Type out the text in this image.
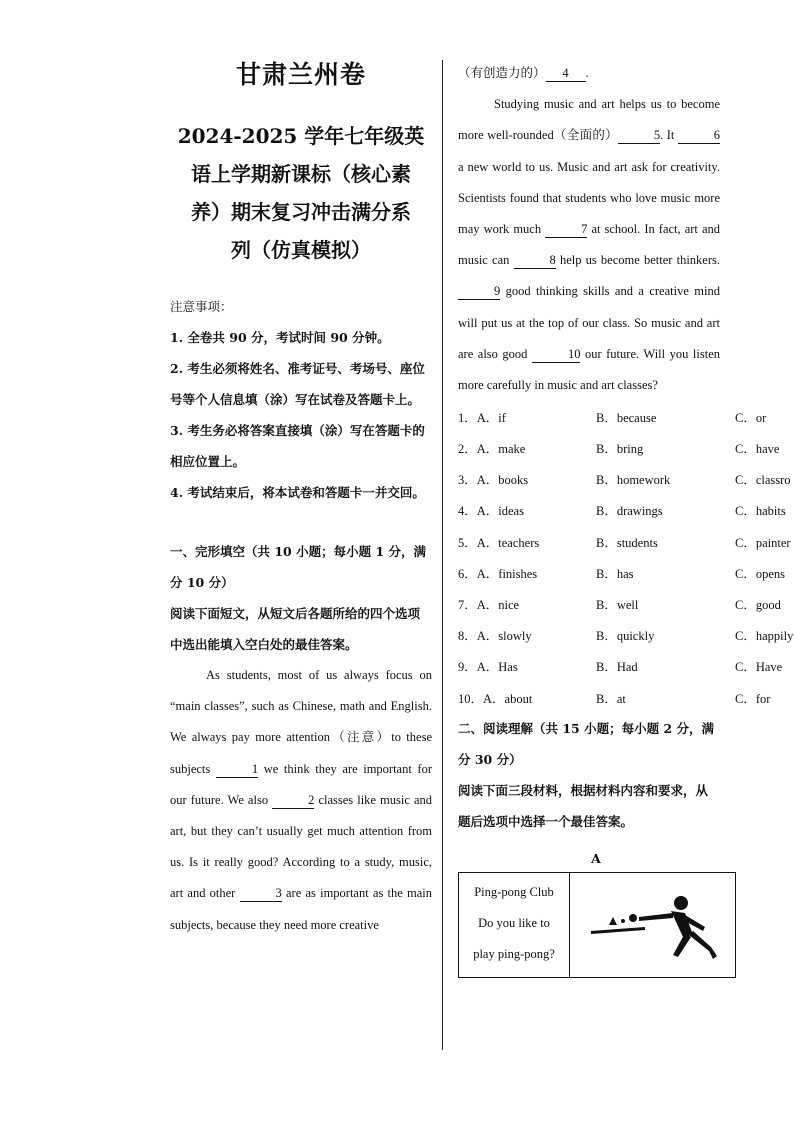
甘肃兰州卷

2024-2025 学年七年级英

语上学期新课标（核心素

养）期末复习冲击满分系

列（仿真模拟）

注意事项：

1. 全卷共 90 分，考试时间 90 分钟。

2. 考生必须将姓名、准考证号、考场号、座位号等个人信息填（涂）写在试卷及答题卡上。

3. 考生务必将答案直接填（涂）写在答题卡的相应位置上。

4. 考试结束后，将本试卷和答题卡一并交回。

一、完形填空（共 10 小题；每小题 1 分，满分 10 分）

阅读下面短文，从短文后各题所给的四个选项中选出能填入空白处的最佳答案。

As students, most of us always focus on “main classes”, such as Chinese, math and English. We always pay more attention（注意）to these subjects	1 we think they are important for our future. We also	2 classes like music and art, but they can’t usually get much attention from us. Is it really good? According to a study, music, art and other	3 are as important as the main subjects, because they need more creative

（有创造力的） 4 .

Studying music and art helps us to become more well-rounded（全面的）	5. It	6 a new world to us. Music and art ask for creativity. Scientists found that students who love music more may work much	7 at school. In fact, art and music can	8 help us become better thinkers. 9 good thinking skills and a creative mind will put us at the top of our class. So music and art are also good	10 our future. Will you listen more carefully in music and art classes?

1．A．if	B．because	C．or
2．A．make	B．bring	C．have
3．A．books	B．homework	C．classro
4．A．ideas	B．drawings	C．habits
5．A．teachers	B．students	C．painter
6．A．finishes	B．has	C．opens
7．A．nice	B．well	C．good
8．A．slowly	B．quickly	C．happily
9．A．Has	B．Had	C．Have
10．A．about	B．at	C．for

二、阅读理解（共 15 小题；每小题 2 分，满分 30 分）

阅读下面三段材料，根据材料内容和要求，从题后选项中选择一个最佳答案。

A
Ping-pong Club
Do you like to
play ping-pong?
